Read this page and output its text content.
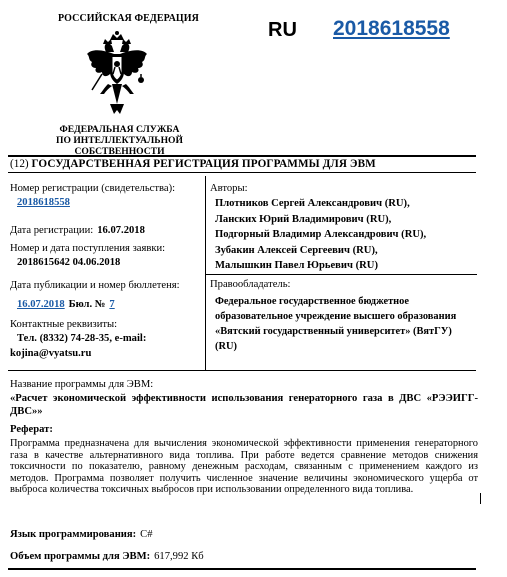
РОССИЙСКАЯ ФЕДЕРАЦИЯ
ФЕДЕРАЛЬНАЯ СЛУЖБА
ПО ИНТЕЛЛЕКТУАЛЬНОЙ СОБСТВЕННОСТИ
RU 2018618558
(12) ГОСУДАРСТВЕННАЯ РЕГИСТРАЦИЯ ПРОГРАММЫ ДЛЯ ЭВМ
Номер регистрации (свидетельства):
2018618558
Дата регистрации: 16.07.2018
Номер и дата поступления заявки:
2018615642 04.06.2018
Дата публикации и номер бюллетеня:
16.07.2018 Бюл. № 7
Контактные реквизиты:
Тел. (8332) 74-28-35, e-mail:
kojina@vyatsu.ru
Авторы:
Плотников Сергей Александрович (RU),
Ланских Юрий Владимирович (RU),
Подгорный Владимир Александрович (RU),
Зубакин Алексей Сергеевич (RU),
Малышкин Павел Юрьевич (RU)
Правообладатель:
Федеральное государственное бюджетное образовательное учреждение высшего образования «Вятский государственный университет» (ВятГУ) (RU)
Название программы для ЭВМ:
«Расчет экономической эффективности использования генераторного газа в ДВС «РЭЭИГГ-ДВС»»
Реферат:

Программа предназначена для вычисления экономической эффективности применения генераторного газа в качестве альтернативного вида топлива. При работе ведется сравнение методов снижения токсичности по показателю, равному денежным расходам, связанным с применением каждого из методов. Программа позволяет получить численное значение величины экономического ущерба от выброса количества токсичных выбросов при использовании определенного вида топлива.

Язык программирования: C#
Объем программы для ЭВМ: 617,992 Кб
